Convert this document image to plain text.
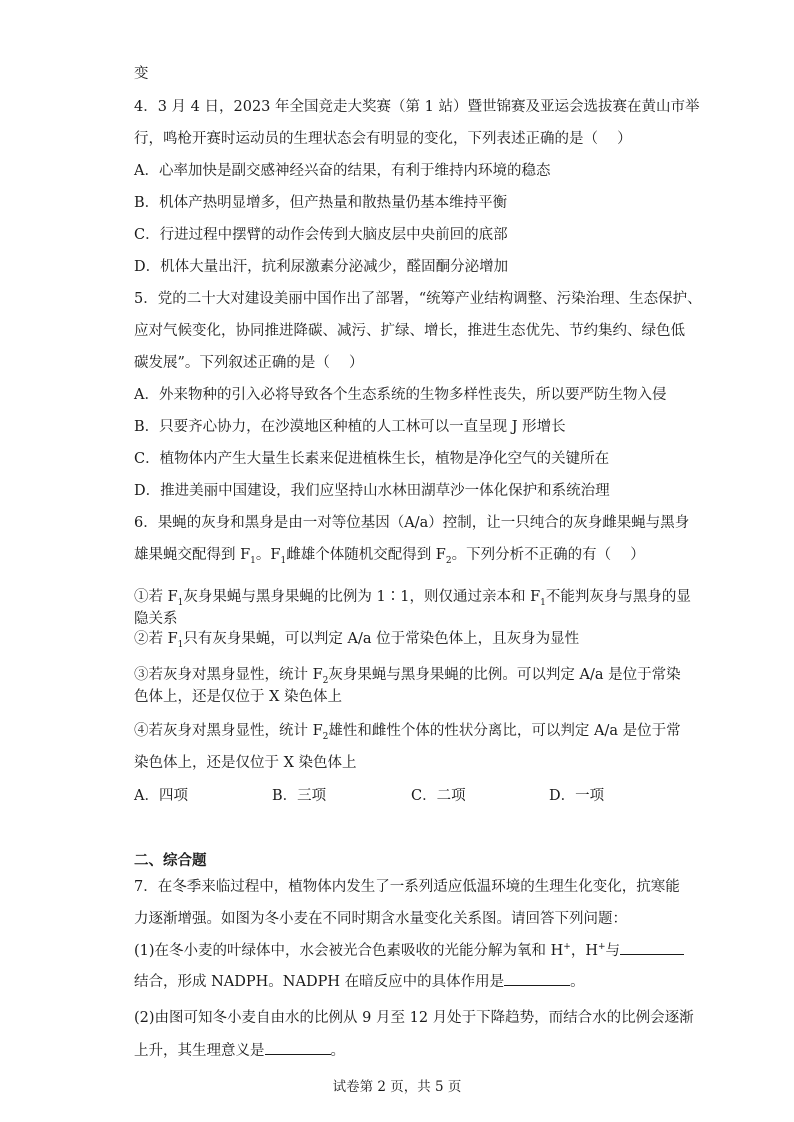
变

4．3 月 4 日，2023 年全国竞走大奖赛（第 1 站）暨世锦赛及亚运会选拔赛在黄山市举

行，鸣枪开赛时运动员的生理状态会有明显的变化，下列表述正确的是（　 ）

A．心率加快是副交感神经兴奋的结果，有利于维持内环境的稳态

B．机体产热明显增多，但产热量和散热量仍基本维持平衡

C．行进过程中摆臂的动作会传到大脑皮层中央前回的底部

D．机体大量出汗，抗利尿激素分泌减少，醛固酮分泌增加

5．党的二十大对建设美丽中国作出了部署，“统筹产业结构调整、污染治理、生态保护、

应对气候变化，协同推进降碳、减污、扩绿、增长，推进生态优先、节约集约、绿色低

碳发展”。下列叙述正确的是（　 ）

A．外来物种的引入必将导致各个生态系统的生物多样性丧失，所以要严防生物入侵

B．只要齐心协力，在沙漠地区种植的人工林可以一直呈现 J 形增长

C．植物体内产生大量生长素来促进植株生长，植物是净化空气的关键所在

D．推进美丽中国建设，我们应坚持山水林田湖草沙一体化保护和系统治理

6．果蝇的灰身和黑身是由一对等位基因（A/a）控制，让一只纯合的灰身雌果蝇与黑身

雄果蝇交配得到 $F_1$。$F_1$雌雄个体随机交配得到 $F_2$。下列分析不正确的有（　 ）

①若 $F_1$灰身果蝇与黑身果蝇的比例为 1∶1，则仅通过亲本和 $F_1$不能判灰身与黑身的显

隐关系

②若 $F_1$只有灰身果蝇，可以判定 A/a 位于常染色体上，且灰身为显性

③若灰身对黑身显性，统计 $F_2$灰身果蝇与黑身果蝇的比例。可以判定 A/a 是位于常染

色体上，还是仅位于 X 染色体上

④若灰身对黑身显性，统计 $F_2$雄性和雌性个体的性状分离比，可以判定 A/a 是位于常

染色体上，还是仅位于 X 染色体上

A．四项	B．三项	C．二项	D．一项

二、综合题

7．在冬季来临过程中，植物体内发生了一系列适应低温环境的生理生化变化，抗寒能

力逐渐增强。如图为冬小麦在不同时期含水量变化关系图。请回答下列问题：

(1)在冬小麦的叶绿体中，水会被光合色素吸收的光能分解为氧和 H+，H+与

结合，形成 NADPH。NADPH 在暗反应中的具体作用是	。

(2)由图可知冬小麦自由水的比例从 9 月至 12 月处于下降趋势，而结合水的比例会逐渐

上升，其生理意义是	。

试卷第 2 页，共 5 页
